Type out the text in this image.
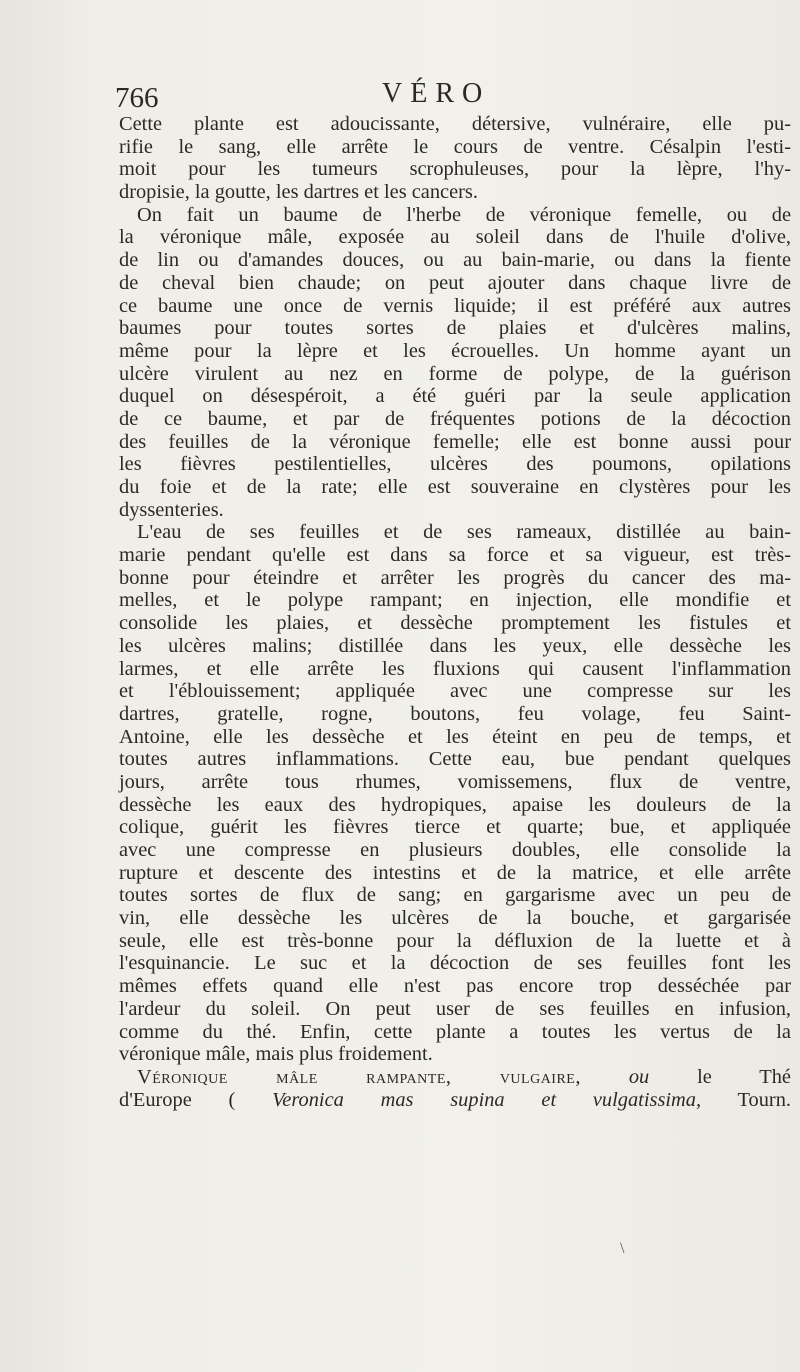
766	VÉRO
Cette plante est adoucissante, détersive, vulnéraire, elle pu-
rifie le sang, elle arrête le cours de ventre. Césalpin l'esti-
moit pour les tumeurs scrophuleuses, pour la lèpre, l'hy-
dropisie, la goutte, les dartres et les cancers.
On fait un baume de l'herbe de véronique femelle, ou de
la véronique mâle, exposée au soleil dans de l'huile d'olive,
de lin ou d'amandes douces, ou au bain-marie, ou dans la fiente
de cheval bien chaude; on peut ajouter dans chaque livre de
ce baume une once de vernis liquide; il est préféré aux autres
baumes pour toutes sortes de plaies et d'ulcères malins,
même pour la lèpre et les écrouelles. Un homme ayant un
ulcère virulent au nez en forme de polype, de la guérison
duquel on désespéroit, a été guéri par la seule application
de ce baume, et par de fréquentes potions de la décoction
des feuilles de la véronique femelle; elle est bonne aussi pour
les fièvres pestilentielles, ulcères des poumons, opilations
du foie et de la rate; elle est souveraine en clystères pour les
dyssenteries.
L'eau de ses feuilles et de ses rameaux, distillée au bain-
marie pendant qu'elle est dans sa force et sa vigueur, est très-
bonne pour éteindre et arrêter les progrès du cancer des ma-
melles, et le polype rampant; en injection, elle mondifie et
consolide les plaies, et dessèche promptement les fistules et
les ulcères malins; distillée dans les yeux, elle dessèche les
larmes, et elle arrête les fluxions qui causent l'inflammation
et l'éblouissement; appliquée avec une compresse sur les
dartres, gratelle, rogne, boutons, feu volage, feu Saint-
Antoine, elle les dessèche et les éteint en peu de temps, et
toutes autres inflammations. Cette eau, bue pendant quelques
jours, arrête tous rhumes, vomissemens, flux de ventre,
dessèche les eaux des hydropiques, apaise les douleurs de la
colique, guérit les fièvres tierce et quarte; bue, et appliquée
avec une compresse en plusieurs doubles, elle consolide la
rupture et descente des intestins et de la matrice, et elle arrête
toutes sortes de flux de sang; en gargarisme avec un peu de
vin, elle dessèche les ulcères de la bouche, et gargarisée
seule, elle est très-bonne pour la défluxion de la luette et à
l'esquinancie. Le suc et la décoction de ses feuilles font les
mêmes effets quand elle n'est pas encore trop desséchée par
l'ardeur du soleil. On peut user de ses feuilles en infusion,
comme du thé. Enfin, cette plante a toutes les vertus de la
véronique mâle, mais plus froidement.
Véronique mâle rampante, vulgaire, ou le Thé
d'Europe ( Veronica mas supina et vulgatissima, Tourn.
\
